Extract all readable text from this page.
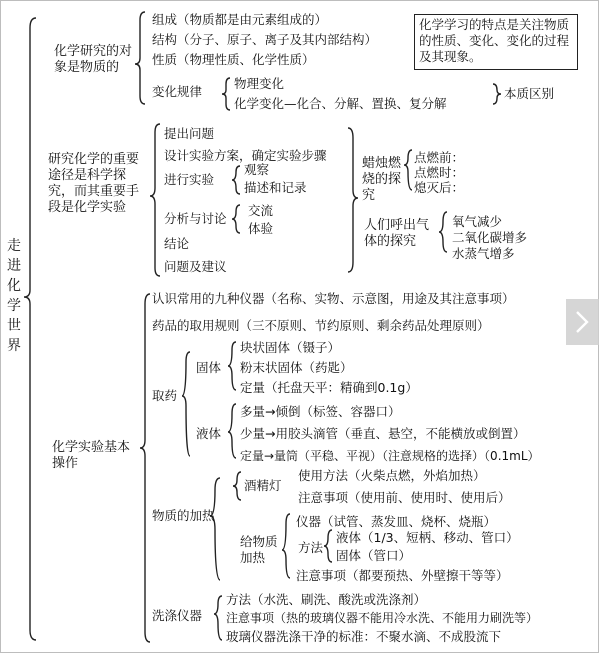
走进化学世界
化学研究的对象是物质的
组成（物质都是由元素组成的）
结构（分子、原子、离子及其内部结构）
性质（物理性质、化学性质）
化学学习的特点是关注物质的性质、变化、变化的过程及其现象。
变化规律
物理变化
化学变化—化合、分解、置换、复分解
本质区别
研究化学的重要途径是科学探究，而其重要手段是化学实验
提出问题
设计实验方案，确定实验步骤
进行实验
观察
描述和记录
分析与讨论
交流
体验
结论
问题及建议
蜡烛燃烧的探究
点燃前：
点燃时：
熄灭后：
人们呼出气体的探究
氧气减少
二氧化碳增多
水蒸气增多
化学实验基本操作
认识常用的九种仪器（名称、实物、示意图，用途及其注意事项）
药品的取用规则（三不原则、节约原则、剩余药品处理原则）
取药
固体
块状固体（镊子）
粉末状固体（药匙）
定量（托盘天平：精确到0.1g）
液体
多量→倾倒（标签、容器口）
少量→用胶头滴管（垂直、悬空，不能横放或倒置）
定量→量筒（平稳、平视）（注意规格的选择）（0.1mL）
物质的加热
酒精灯
使用方法（火柴点燃，外焰加热）
注意事项（使用前、使用时、使用后）
给物质加热
仪器（试管、蒸发皿、烧杯、烧瓶）
方法
液体（1/3、短柄、移动、管口）
固体（管口）
注意事项（都要预热、外壁擦干等等）
洗涤仪器
方法（水洗、刷洗、酸洗或洗涤剂）
注意事项（热的玻璃仪器不能用冷水洗、不能用力刷洗等）
玻璃仪器洗涤干净的标准：不聚水滴、不成股流下
